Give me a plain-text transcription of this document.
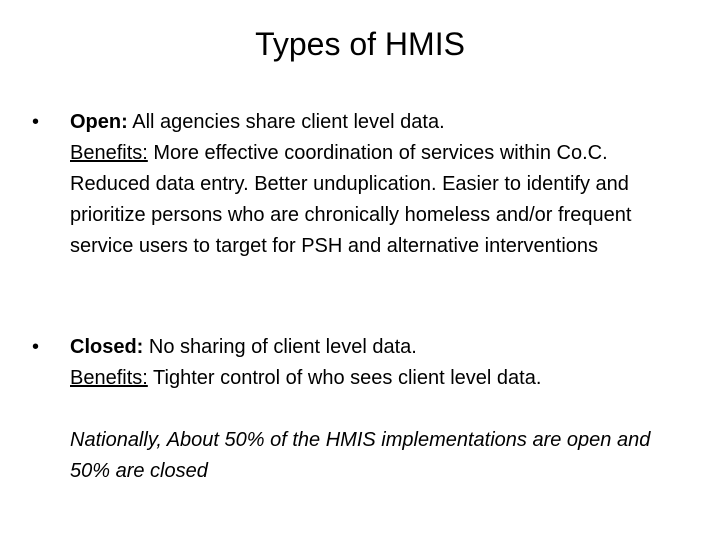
Types of HMIS
•	Open: All agencies share client level data.
Benefits: More effective coordination of services within Co.C. Reduced data entry. Better unduplication. Easier to identify and prioritize persons who are chronically homeless and/or frequent service users to target for PSH and alternative interventions
•	Closed: No sharing of client level data.
Benefits: Tighter control of who sees client level data.
Nationally, About 50% of the HMIS implementations are open and 50% are closed
